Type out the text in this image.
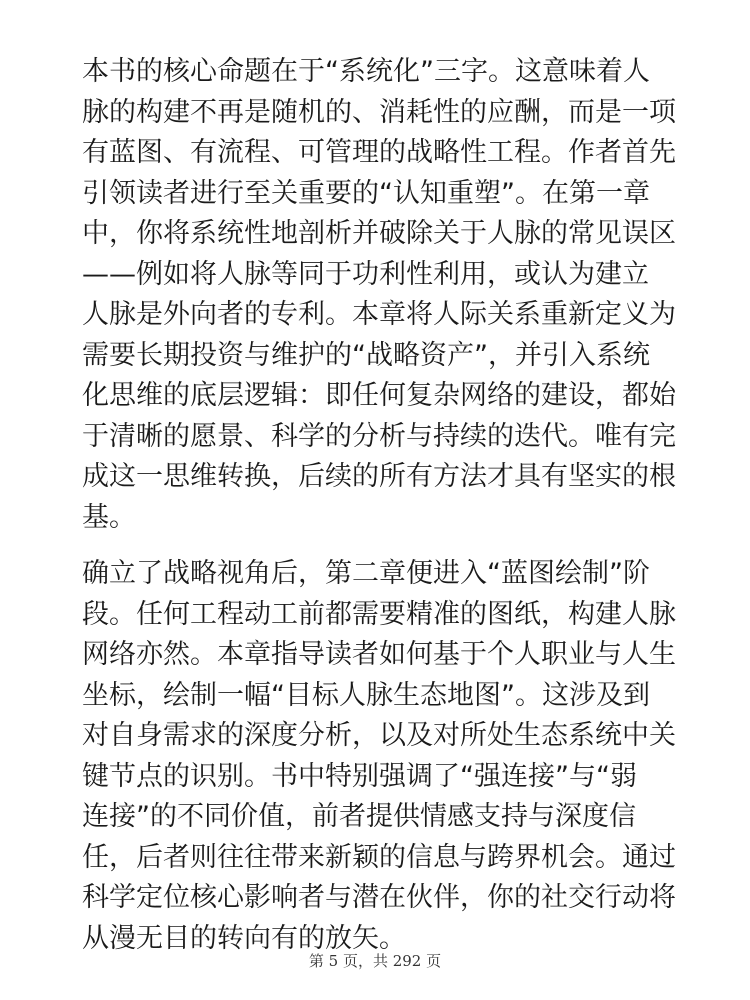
本书的核心命题在于“系统化”三字。这意味着人
脉的构建不再是随机的、消耗性的应酬，而是一项
有蓝图、有流程、可管理的战略性工程。作者首先
引领读者进行至关重要的“认知重塑”。在第一章
中，你将系统性地剖析并破除关于人脉的常见误区
——例如将人脉等同于功利性利用，或认为建立
人脉是外向者的专利。本章将人际关系重新定义为
需要长期投资与维护的“战略资产”，并引入系统
化思维的底层逻辑：即任何复杂网络的建设，都始
于清晰的愿景、科学的分析与持续的迭代。唯有完
成这一思维转换，后续的所有方法才具有坚实的根
基。
确立了战略视角后，第二章便进入“蓝图绘制”阶
段。任何工程动工前都需要精准的图纸，构建人脉
网络亦然。本章指导读者如何基于个人职业与人生
坐标，绘制一幅“目标人脉生态地图”。这涉及到
对自身需求的深度分析，以及对所处生态系统中关
键节点的识别。书中特别强调了“强连接”与“弱
连接”的不同价值，前者提供情感支持与深度信
任，后者则往往带来新颖的信息与跨界机会。通过
科学定位核心影响者与潜在伙伴，你的社交行动将
从漫无目的转向有的放矢。
第 5 页，共 292 页
